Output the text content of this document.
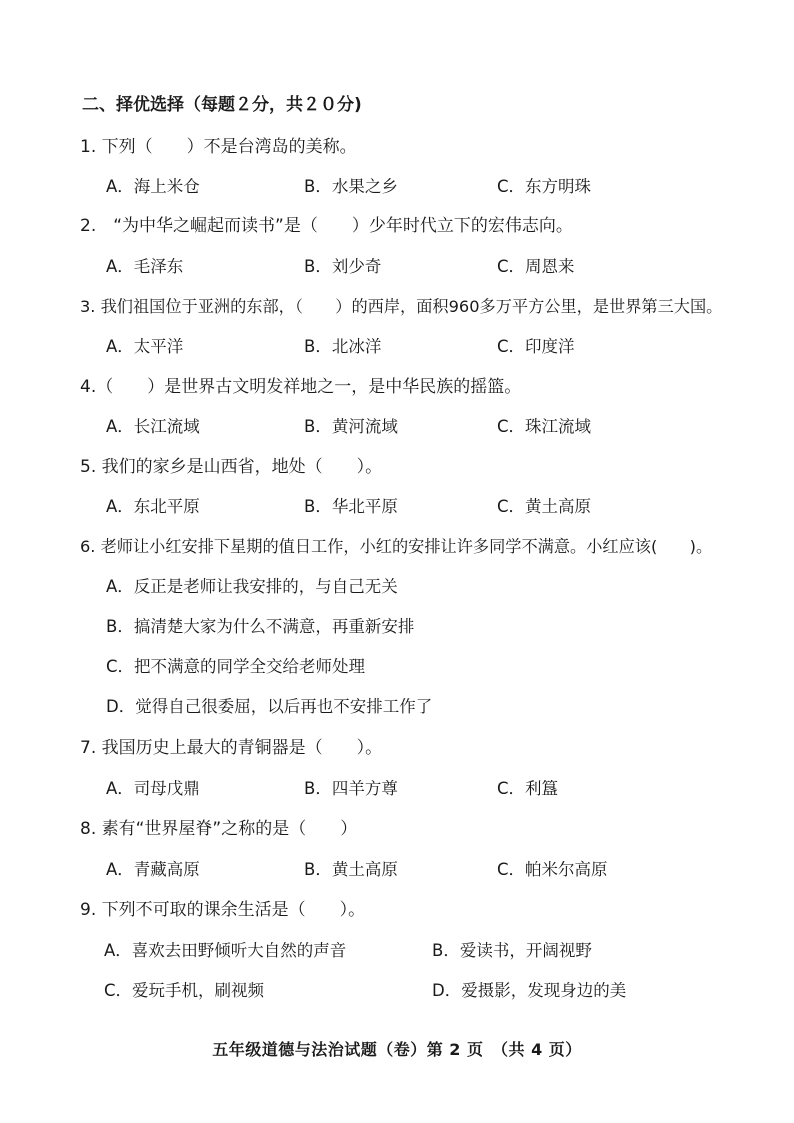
二、择优选择（每题２分，共２０分)
1. 下列（　　）不是台湾岛的美称。
A．海上米仓	B．水果之乡	C．东方明珠
2.　“为中华之崛起而读书”是（　　）少年时代立下的宏伟志向。
A．毛泽东	B．刘少奇	C．周恩来
3. 我们祖国位于亚洲的东部，（　　）的西岸，面积960多万平方公里，是世界第三大国。
A．太平洋	B．北冰洋	C．印度洋
4.（　　）是世界古文明发祥地之一，是中华民族的摇篮。
A．长江流域	B．黄河流域	C．珠江流域
5. 我们的家乡是山西省，地处（　　）。
A．东北平原	B．华北平原	C．黄土高原
6. 老师让小红安排下星期的值日工作，小红的安排让许多同学不满意。小红应该(　　)。
A．反正是老师让我安排的，与自己无关
B．搞清楚大家为什么不满意，再重新安排
C．把不满意的同学全交给老师处理
D．觉得自己很委屈，以后再也不安排工作了
7. 我国历史上最大的青铜器是（　　）。
A．司母戊鼎	B．四羊方尊	C．利簋
8. 素有“世界屋脊”之称的是（　　）
A．青藏高原	B．黄土高原	C．帕米尔高原
9. 下列不可取的课余生活是（　　）。
A．喜欢去田野倾听大自然的声音	B．爱读书，开阔视野
C．爱玩手机，刷视频	D．爱摄影，发现身边的美
五年级道德与法治试题（卷）第 2 页　（共 4 页）
